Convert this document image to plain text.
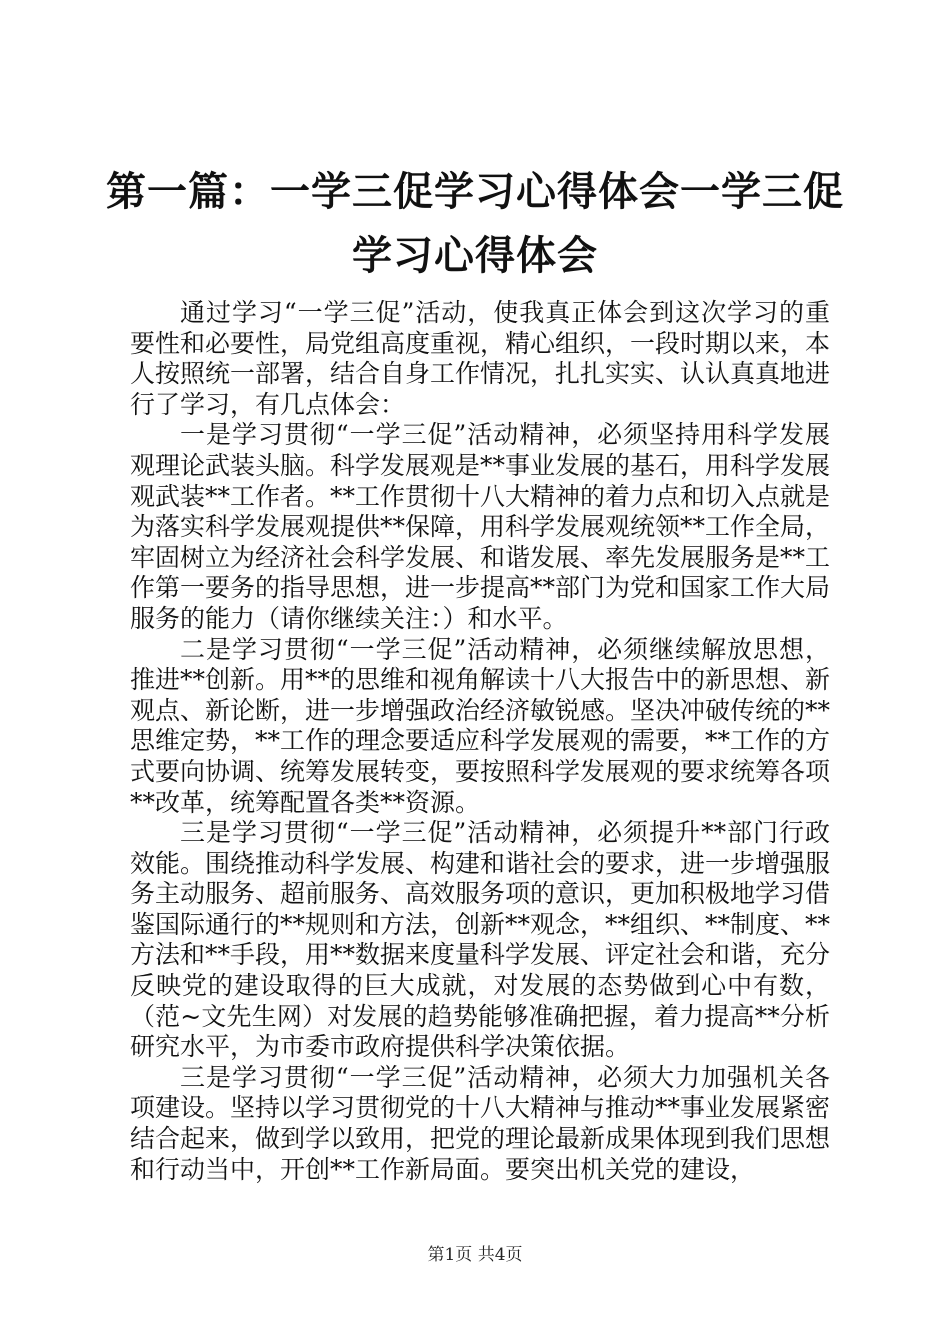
第一篇：一学三促学习心得体会一学三促学习心得体会

通过学习“一学三促”活动，使我真正体会到这次学习的重要性和必要性，局党组高度重视，精心组织，一段时期以来，本人按照统一部署，结合自身工作情况，扎扎实实、认认真真地进行了学习，有几点体会：

一是学习贯彻“一学三促”活动精神，必须坚持用科学发展观理论武装头脑。科学发展观是**事业发展的基石，用科学发展观武装**工作者。**工作贯彻十八大精神的着力点和切入点就是为落实科学发展观提供**保障，用科学发展观统领**工作全局，牢固树立为经济社会科学发展、和谐发展、率先发展服务是**工作第一要务的指导思想，进一步提高**部门为党和国家工作大局服务的能力（请你继续关注：）和水平。

二是学习贯彻“一学三促”活动精神，必须继续解放思想，推进**创新。用**的思维和视角解读十八大报告中的新思想、新观点、新论断，进一步增强政治经济敏锐感。坚决冲破传统的**思维定势，**工作的理念要适应科学发展观的需要，**工作的方式要向协调、统筹发展转变，要按照科学发展观的要求统筹各项**改革，统筹配置各类**资源。

三是学习贯彻“一学三促”活动精神，必须提升**部门行政效能。围绕推动科学发展、构建和谐社会的要求，进一步增强服务主动服务、超前服务、高效服务项的意识，更加积极地学习借鉴国际通行的**规则和方法，创新**观念，**组织、**制度、**方法和**手段，用**数据来度量科学发展、评定社会和谐，充分反映党的建设取得的巨大成就，对发展的态势做到心中有数，（范~文先生网）对发展的趋势能够准确把握，着力提高**分析研究水平，为市委市政府提供科学决策依据。

三是学习贯彻“一学三促”活动精神，必须大力加强机关各项建设。坚持以学习贯彻党的十八大精神与推动**事业发展紧密结合起来，做到学以致用，把党的理论最新成果体现到我们思想和行动当中，开创**工作新局面。要突出机关党的建设，

第1页 共4页
